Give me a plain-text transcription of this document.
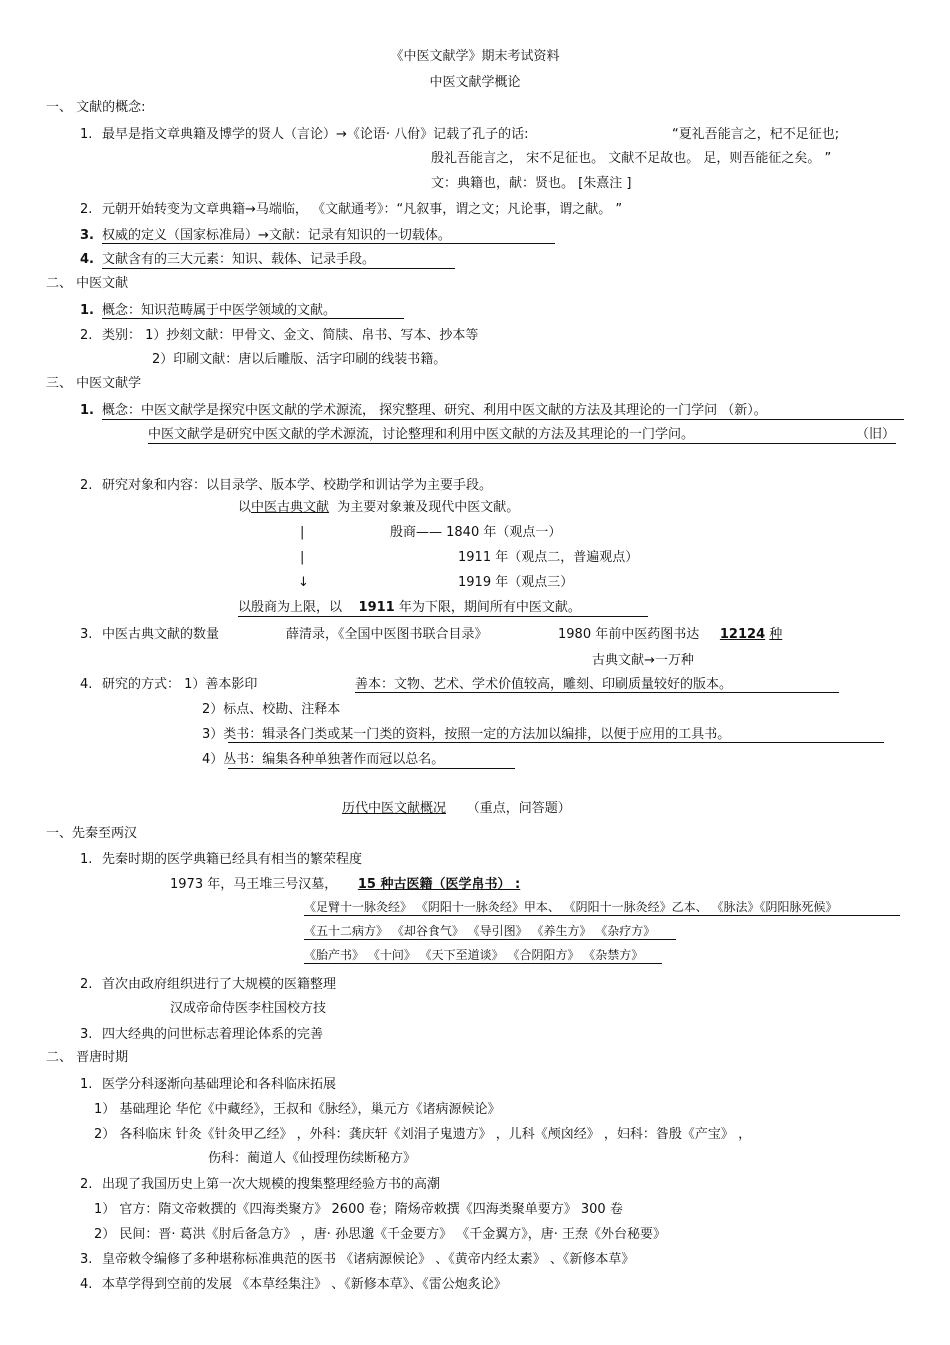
《中医文献学》期末考试资料
中医文献学概论
一、 文献的概念:
1. 最早是指文章典籍及博学的贤人（言论）→《论语· 八佾》记载了孔子的话:	“夏礼吾能言之，杞不足征也;
殷礼吾能言之， 宋不足征也。 文献不足故也。 足，则吾能征之矣。 ”
文：典籍也，献：贤也。 [朱熹注 ]
2. 元朝开始转变为文章典籍→马端临， 《文献通考》：“凡叙事，谓之文；凡论事，谓之献。 ”
3. 权威的定义（国家标准局）→文献：记录有知识的一切载体。
4. 文献含有的三大元素：知识、载体、记录手段。
二、 中医文献
1. 概念：知识范畴属于中医学领域的文献。
2. 类别： 1）抄刻文献：甲骨文、金文、简牍、帛书、写本、抄本等
2）印刷文献：唐以后雕版、活字印刷的线装书籍。
三、 中医文献学
1. 概念：中医文献学是探究中医文献的学术源流， 探究整理、研究、利用中医文献的方法及其理论的一门学问 （新）。
中医文献学是研究中医文献的学术源流，讨论整理和利用中医文献的方法及其理论的一门学问。	（旧）
2. 研究对象和内容：以目录学、版本学、校勘学和训诂学为主要手段。
以中医古典文献 为主要对象兼及现代中医文献。
|
|
↓
殷商—— 1840 年（观点一）
1911 年（观点二，普遍观点）
1919 年（观点三）
以殷商为上限，以 1911 年为下限，期间所有中医文献。
3. 中医古典文献的数量	薛清录，《全国中医图书联合目录》	1980 年前中医药图书达 12124 种
古典文献→一万种
4. 研究的方式： 1）善本影印	善本：文物、艺术、学术价值较高，雕刻、印刷质量较好的版本。
2）标点、校勘、注释本
3）类书：辑录各门类或某一门类的资料，按照一定的方法加以编排，以便于应用的工具书。
4）丛书：编集各种单独著作而冠以总名。
历代中医文献概况 （重点，问答题）
一、先秦至两汉
1. 先秦时期的医学典籍已经具有相当的繁荣程度
1973 年，马王堆三号汉墓， 15 种古医籍（医学帛书） :
《足臂十一脉灸经》 《阴阳十一脉灸经》甲本、 《阴阳十一脉灸经》乙本、 《脉法》《阴阳脉死候》
《五十二病方》 《却谷食气》 《导引图》 《养生方》 《杂疗方》
《胎产书》 《十问》 《天下至道谈》 《合阴阳方》 《杂禁方》
2. 首次由政府组织进行了大规模的医籍整理
汉成帝命侍医李柱国校方技
3. 四大经典的问世标志着理论体系的完善
二、 晋唐时期
1. 医学分科逐渐向基础理论和各科临床拓展
1） 基础理论 华佗《中藏经》，王叔和《脉经》，巢元方《诸病源候论》
2） 各科临床 针灸《针灸甲乙经》 ，外科：龚庆轩《刘涓子鬼遗方》 ，儿科《颅囟经》 ，妇科：昝殷《产宝》 ，
伤科：蔺道人《仙授理伤续断秘方》
2. 出现了我国历史上第一次大规模的搜集整理经验方书的高潮
1） 官方：隋文帝敕撰的《四海类聚方》 2600 卷；隋炀帝敕撰《四海类聚单要方》 300 卷
2） 民间：晋· 葛洪《肘后备急方》 ，唐· 孙思邈《千金要方》 《千金翼方》，唐· 王焘《外台秘要》
3. 皇帝敕令编修了多种堪称标准典范的医书 《诸病源候论》 、《黄帝内经太素》 、《新修本草》
4. 本草学得到空前的发展 《本草经集注》 、《新修本草》、《雷公炮炙论》
